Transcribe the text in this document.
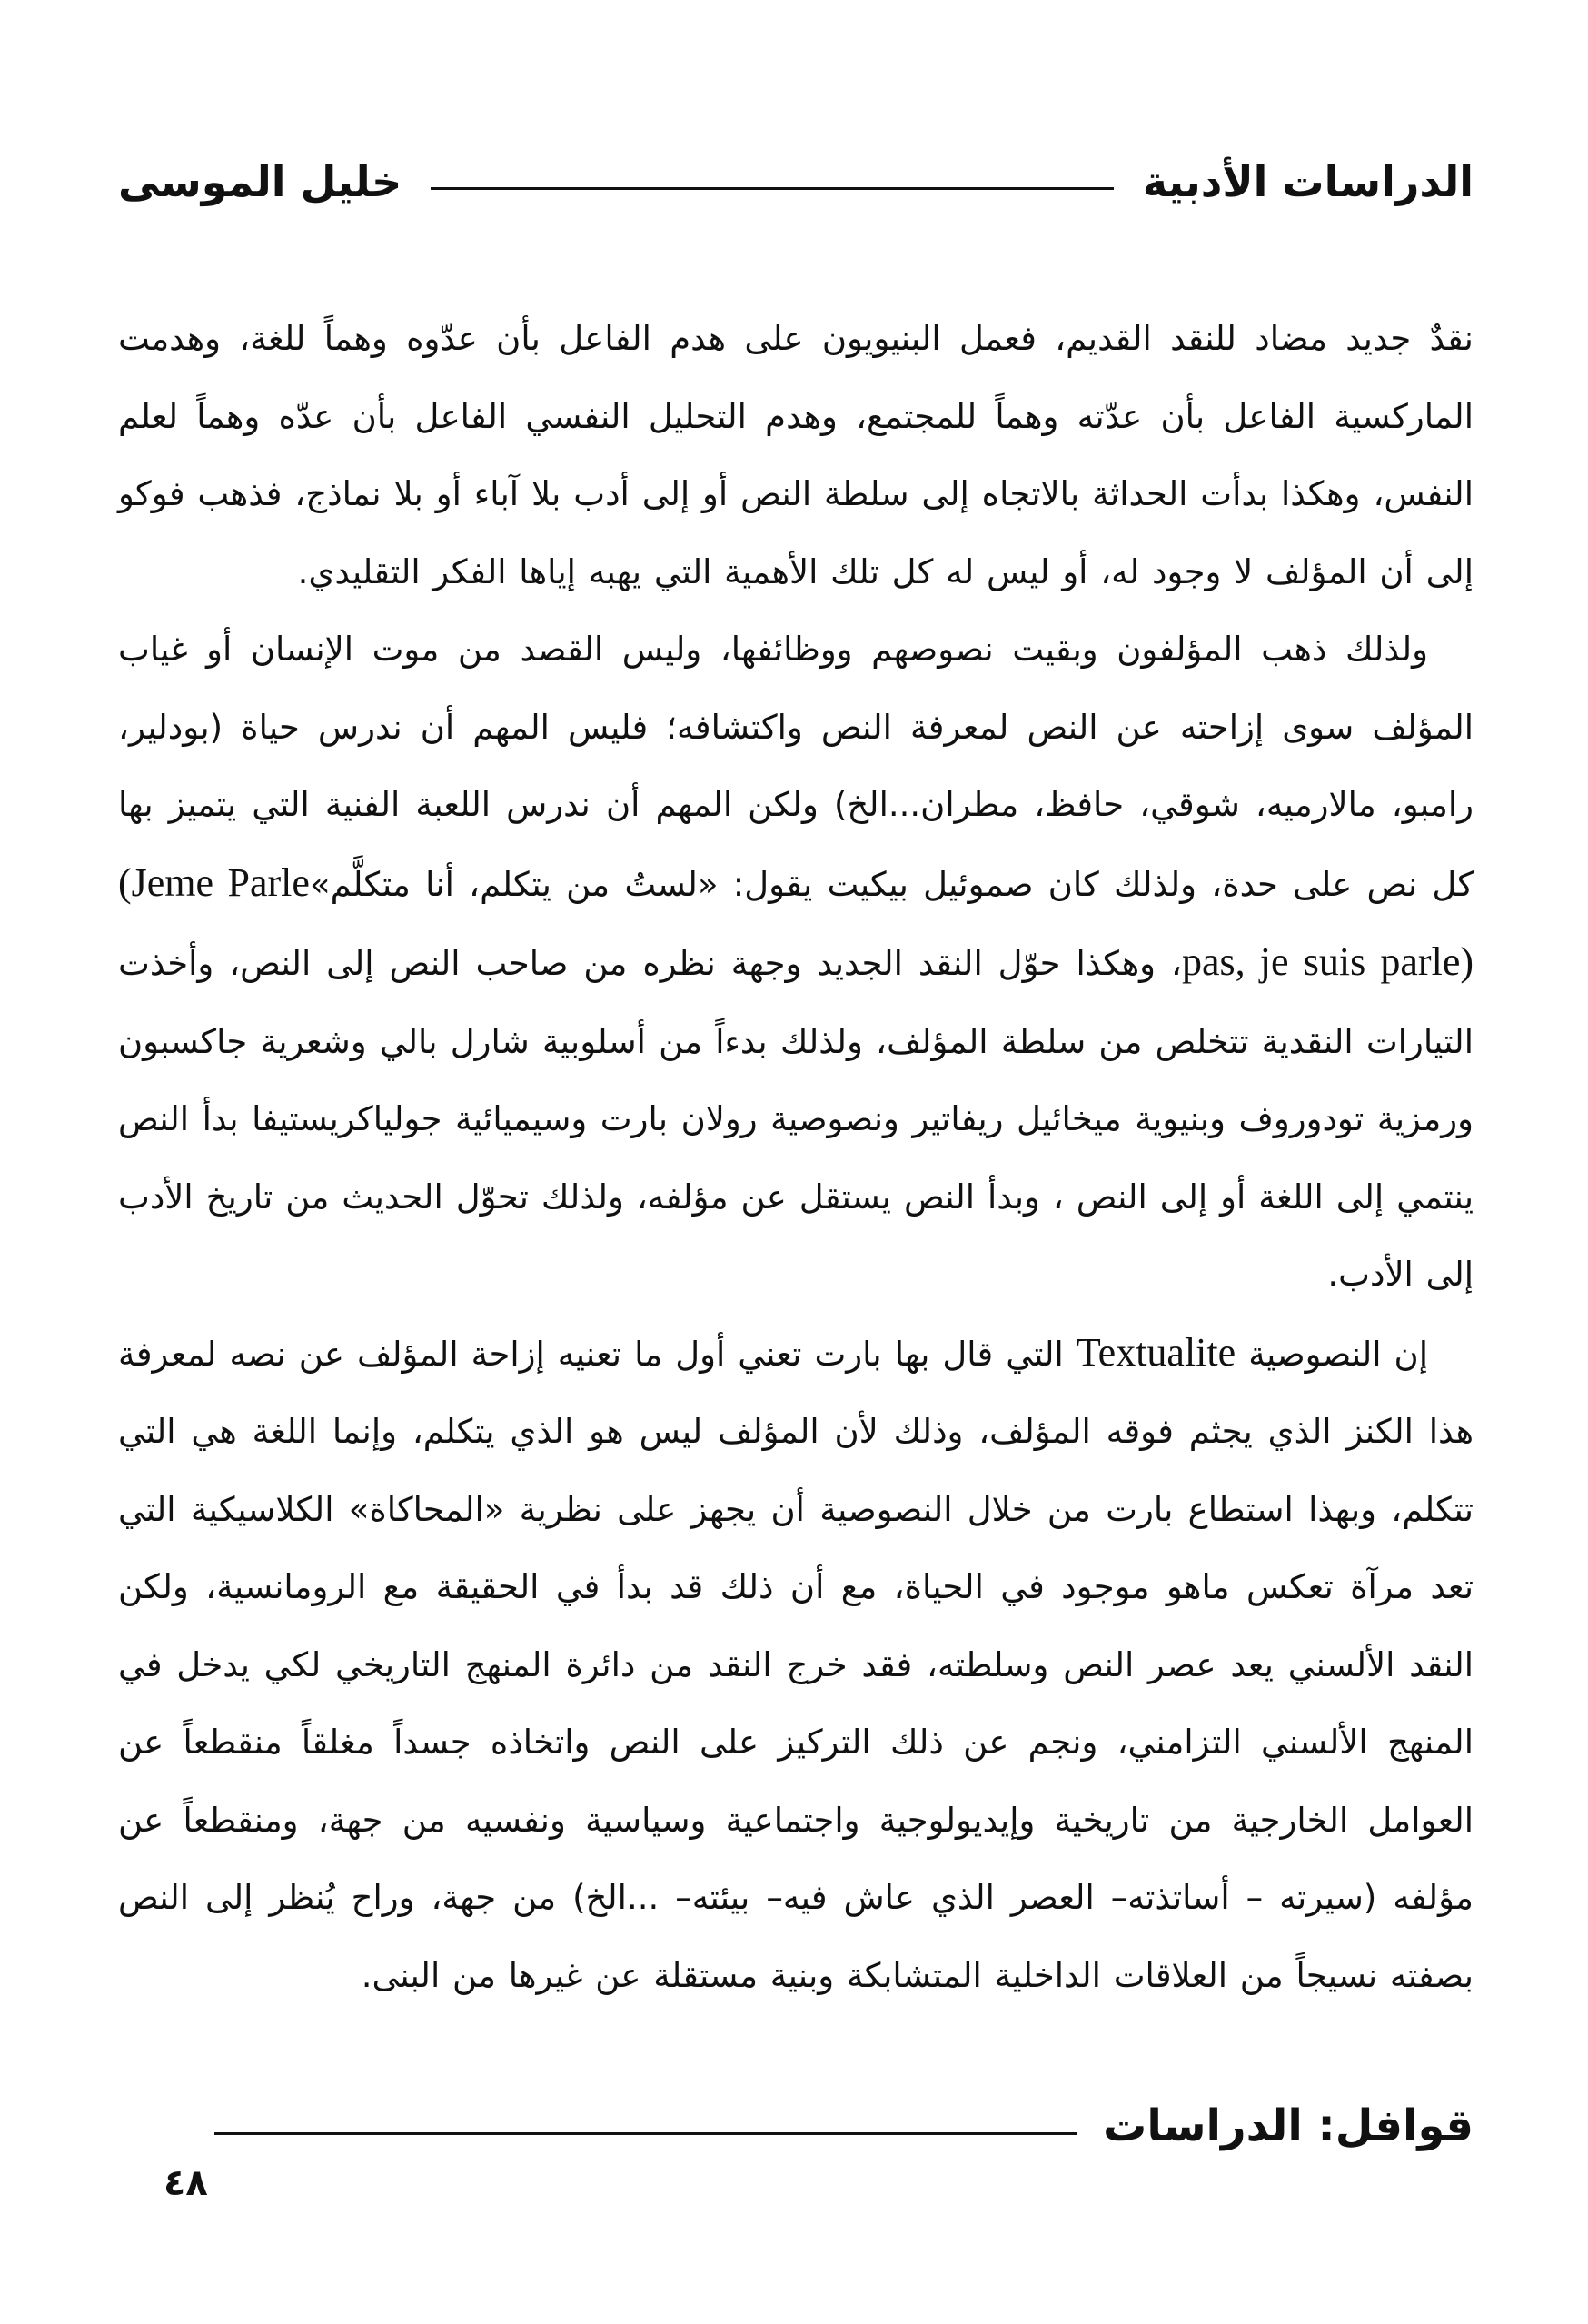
الدراسات الأدبية
خليل الموسى

نقدٌ جديد مضاد للنقد القديم، فعمل البنيويون على هدم الفاعل بأن عدّوه وهماً للغة، وهدمت الماركسية الفاعل بأن عدّته وهماً للمجتمع، وهدم التحليل النفسي الفاعل بأن عدّه وهماً لعلم النفس، وهكذا بدأت الحداثة بالاتجاه إلى سلطة النص أو إلى أدب بلا آباء أو بلا نماذج، فذهب فوكو إلى أن المؤلف لا وجود له، أو ليس له كل تلك الأهمية التي يهبه إياها الفكر التقليدي.

ولذلك ذهب المؤلفون وبقيت نصوصهم ووظائفها، وليس القصد من موت الإنسان أو غياب المؤلف سوى إزاحته عن النص لمعرفة النص واكتشافه؛ فليس المهم أن ندرس حياة (بودلير، رامبو، مالارميه، شوقي، حافظ، مطران...الخ) ولكن المهم أن ندرس اللعبة الفنية التي يتميز بها كل نص على حدة، ولذلك كان صموئيل بيكيت يقول: «لستُ من يتكلم، أنا متكلَّم»(Jeme Parle pas, je suis parle)، وهكذا حوّل النقد الجديد وجهة نظره من صاحب النص إلى النص، وأخذت التيارات النقدية تتخلص من سلطة المؤلف، ولذلك بدءاً من أسلوبية شارل بالي وشعرية جاكسبون ورمزية تودوروف وبنيوية ميخائيل ريفاتير ونصوصية رولان بارت وسيميائية جولياكريستيفا بدأ النص ينتمي إلى اللغة أو إلى النص ، وبدأ النص يستقل عن مؤلفه، ولذلك تحوّل الحديث من تاريخ الأدب إلى الأدب.

إن النصوصية Textualite التي قال بها بارت تعني أول ما تعنيه إزاحة المؤلف عن نصه لمعرفة هذا الكنز الذي يجثم فوقه المؤلف، وذلك لأن المؤلف ليس هو الذي يتكلم، وإنما اللغة هي التي تتكلم، وبهذا استطاع بارت من خلال النصوصية أن يجهز على نظرية «المحاكاة» الكلاسيكية التي تعد مرآة تعكس ماهو موجود في الحياة، مع أن ذلك قد بدأ في الحقيقة مع الرومانسية، ولكن النقد الألسني يعد عصر النص وسلطته، فقد خرج النقد من دائرة المنهج التاريخي لكي يدخل في المنهج الألسني التزامني، ونجم عن ذلك التركيز على النص واتخاذه جسداً مغلقاً منقطعاً عن العوامل الخارجية من تاريخية وإيديولوجية واجتماعية وسياسية ونفسيه من جهة، ومنقطعاً عن مؤلفه (سيرته – أساتذته– العصر الذي عاش فيه– بيئته– ...الخ) من جهة، وراح يُنظر إلى النص بصفته نسيجاً من العلاقات الداخلية المتشابكة وبنية مستقلة عن غيرها من البنى.

قوافل: الدراسات
٤٨
